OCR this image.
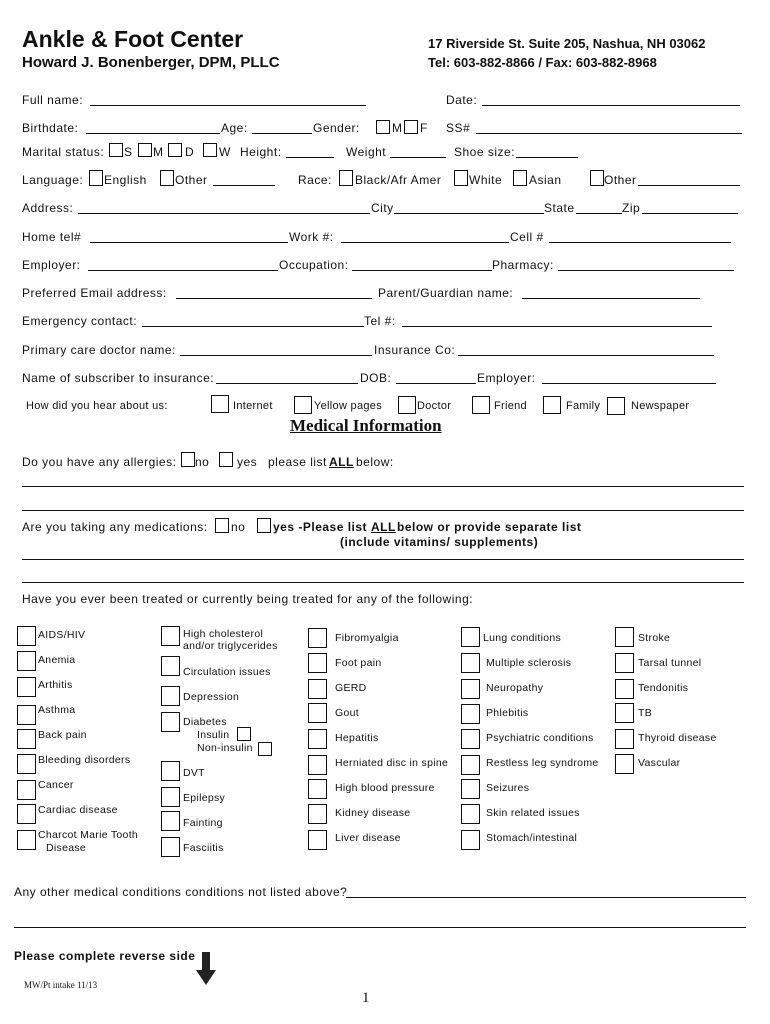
Ankle & Foot Center
Howard J. Bonenberger, DPM, PLLC
17 Riverside St. Suite 205, Nashua, NH 03062
Tel: 603-882-8866 / Fax: 603-882-8968
Full name:	Date:
Birthdate:	Age:	Gender:	M F SS#
Marital status: S M D W Height:	Weight	Shoe size:
Language: English Other	Race: Black/Afr Amer White Asian	Other
Address:	City	State	Zip
Home tel#	Work #:	Cell #
Employer:	Occupation:	Pharmacy:
Preferred Email address:	Parent/Guardian name:
Emergency contact:	Tel #:
Primary care doctor name:	Insurance Co:
Name of subscriber to insurance:	DOB:	Employer:
How did you hear about us:	Internet	Yellow pages	Doctor	Friend	Family	Newspaper
Medical Information
Do you have any allergies: no yes please list ALL below:
Are you taking any medications: no yes -Please list ALL below or provide separate list
(include vitamins/ supplements)
Have you ever been treated or currently being treated for any of the following:
AIDS/HIV
Anemia
Arthitis
Asthma
Back pain
Bleeding disorders
Cancer
Cardiac disease
Charcot Marie Tooth
Disease
High cholesterol
and/or triglycerides
Circulation issues
Depression
Diabetes
Insulin
Non-insulin
DVT
Epilepsy
Fainting
Fasciitis
Fibromyalgia
Foot pain
GERD
Gout
Hepatitis
Herniated disc in spine
High blood pressure
Kidney disease
Liver disease
Lung conditions
Multiple sclerosis
Neuropathy
Phlebitis
Psychiatric conditions
Restless leg syndrome
Seizures
Skin related issues
Stomach/intestinal
Stroke
Tarsal tunnel
Tendonitis
TB
Thyroid disease
Vascular
Any other medical conditions conditions not listed above?
Please complete reverse side
MW/Pt intake 11/13
1
